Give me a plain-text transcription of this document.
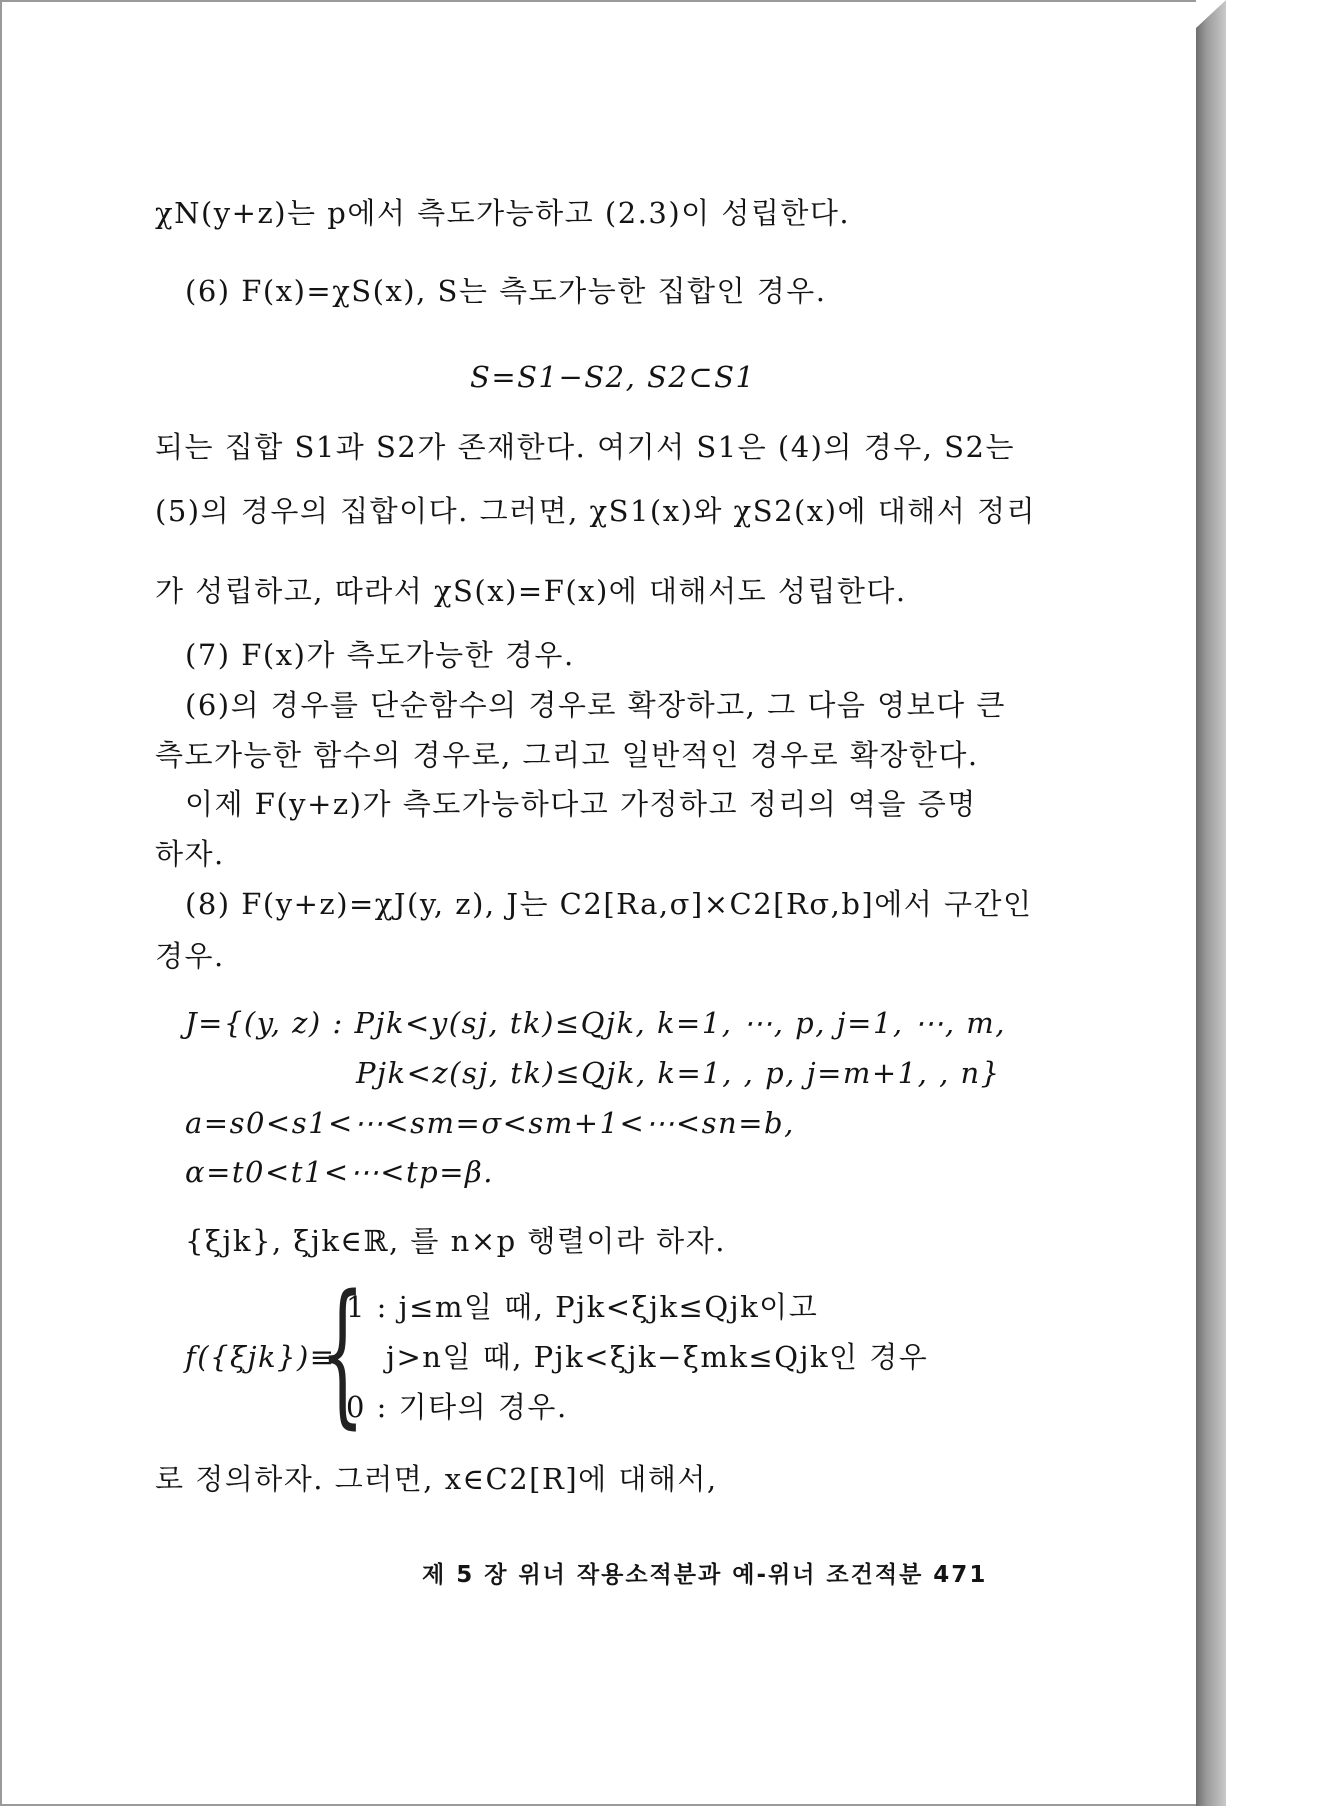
χN(y+z)는 p에서 측도가능하고 (2.3)이 성립한다.
(6) F(x)=χS(x), S는 측도가능한 집합인 경우.
S=S1−S2, S2⊂S1
되는 집합 S1과 S2가 존재한다. 여기서 S1은 (4)의 경우, S2는
(5)의 경우의 집합이다. 그러면, χS1(x)와 χS2(x)에 대해서 정리
가 성립하고, 따라서 χS(x)=F(x)에 대해서도 성립한다.
(7) F(x)가 측도가능한 경우.
(6)의 경우를 단순함수의 경우로 확장하고, 그 다음 영보다 큰
측도가능한 함수의 경우로, 그리고 일반적인 경우로 확장한다.
이제 F(y+z)가 측도가능하다고 가정하고 정리의 역을 증명
하자.
(8) F(y+z)=χJ(y, z), J는 C2[Ra,σ]×C2[Rσ,b]에서 구간인
경우.
J={(y, z) : Pjk<y(sj, tk)≤Qjk, k=1, ⋯, p, j=1, ⋯, m,
Pjk<z(sj, tk)≤Qjk, k=1, , p, j=m+1, , n}
a=s0<s1<⋯<sm=σ<sm+1<⋯<sn=b,
α=t0<t1<⋯<tp=β.
{ξjk}, ξjk∈ℝ, 를 n×p 행렬이라 하자.
1 : j≤m일 때, Pjk<ξjk≤Qjk이고
f({ξjk})≡
{ j>n일 때, Pjk<ξjk−ξmk≤Qjk인 경우
0 : 기타의 경우.
로 정의하자. 그러면, x∈C2[R]에 대해서,
제 5 장 위너 작용소적분과 예-위너 조건적분 471
